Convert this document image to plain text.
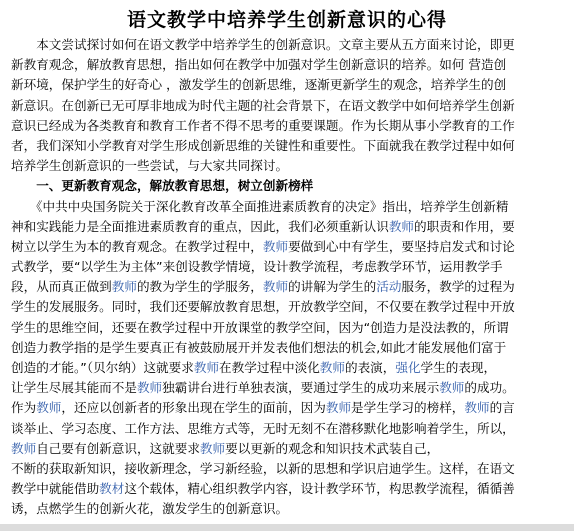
语文教学中培养学生创新意识的心得
　　本文尝试探讨如何在语文教学中培养学生的创新意识。文章主要从五方面来讨论，即更
新教育观念，解放教育思想，指出如何在教学中加强对学生创新意识的培养。如何 营造创
新环境，保护学生的好奇心 ，激发学生的创新思维，逐渐更新学生的观念，培养学生的创
新意识。在创新已无可厚非地成为时代主题的社会背景下，在语文教学中如何培养学生创新
意识已经成为各类教育和教育工作者不得不思考的重要课题。作为长期从事小学教育的工作
者，我们深知小学教育对学生形成创新思维的关键性和重要性。下面就我在教学过程中如何
培养学生创新意识的一些尝试，与大家共同探讨。
　　一、更新教育观念，解放教育思想，树立创新榜样
　　《中共中央国务院关于深化教育改革全面推进素质教育的决定》指出，培养学生创新精
神和实践能力是全面推进素质教育的重点，因此，我们必须重新认识教师的职责和作用，要
树立以学生为本的教育观念。在教学过程中，教师要做到心中有学生，要坚持启发式和讨论
式教学，要“以学生为主体”来创设教学情境，设计教学流程，考虑教学环节，运用教学手
段，从而真正做到教师的教为学生的学服务，教师的讲解为学生的活动服务，教学的过程为
学生的发展服务。同时，我们还要解放教育思想，开放教学空间，不仅要在教学过程中开放
学生的思维空间，还要在教学过程中开放课堂的教学空间，因为“创造力是没法教的，所谓
创造力教学指的是学生要真正有被鼓励展开并发表他们想法的机会,如此才能发展他们富于
创造的才能。”（贝尔纳）这就要求教师在教学过程中淡化教师的表演，强化学生的表现，
让学生尽展其能而不是教师独霸讲台进行单独表演，要通过学生的成功来展示教师的成功。
作为教师，还应以创新者的形象出现在学生的面前，因为教师是学生学习的榜样，教师的言
谈举止、学习态度、工作方法、思维方式等，无时无刻不在潜移默化地影响着学生，所以，
教师自己要有创新意识，这就要求教师要以更新的观念和知识技术武装自己，
不断的获取新知识，接收新理念，学习新经验，以新的思想和学识启迪学生。这样，在语文
教学中就能借助教材这个载体，精心组织教学内容，设计教学环节，构思教学流程，循循善
诱，点燃学生的创新火花，激发学生的创新意识。
